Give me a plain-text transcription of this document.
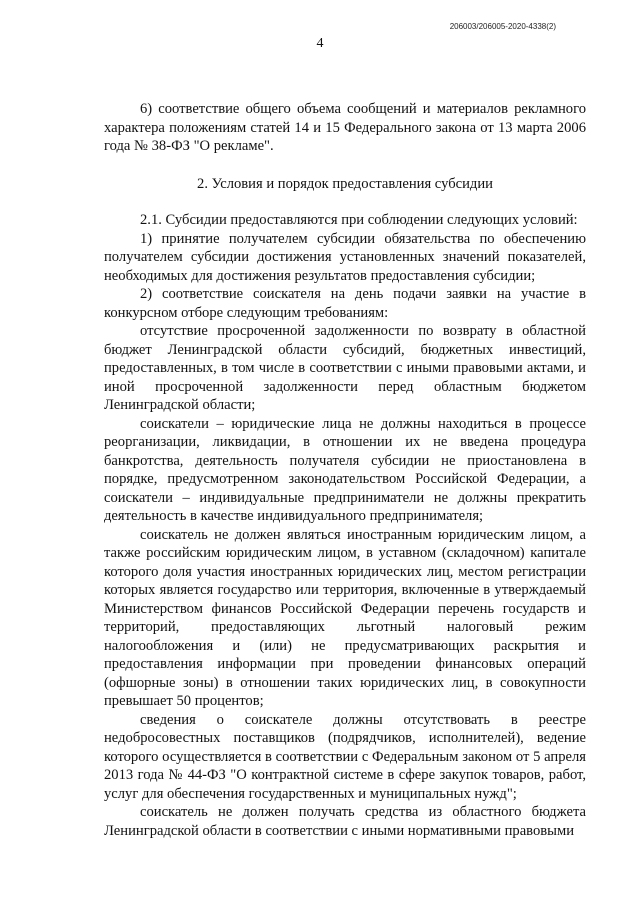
206003/206005-2020-4338(2)
4

6) соответствие общего объема сообщений и материалов рекламного характера положениям статей 14 и 15 Федерального закона от 13 марта 2006 года № 38-ФЗ "О рекламе".

2. Условия и порядок предоставления субсидии

2.1. Субсидии предоставляются при соблюдении следующих условий:

1) принятие получателем субсидии обязательства по обеспечению получателем субсидии достижения установленных значений показателей, необходимых для достижения результатов предоставления субсидии;

2) соответствие соискателя на день подачи заявки на участие в конкурсном отборе следующим требованиям:

отсутствие просроченной задолженности по возврату в областной бюджет Ленинградской области субсидий, бюджетных инвестиций, предоставленных, в том числе в соответствии с иными правовыми актами, и иной просроченной задолженности перед областным бюджетом Ленинградской области;

соискатели – юридические лица не должны находиться в процессе реорганизации, ликвидации, в отношении их не введена процедура банкротства, деятельность получателя субсидии не приостановлена в порядке, предусмотренном законодательством Российской Федерации, а соискатели – индивидуальные предприниматели не должны прекратить деятельность в качестве индивидуального предпринимателя;

соискатель не должен являться иностранным юридическим лицом, а также российским юридическим лицом, в уставном (складочном) капитале которого доля участия иностранных юридических лиц, местом регистрации которых является государство или территория, включенные в утверждаемый Министерством финансов Российской Федерации перечень государств и территорий, предоставляющих льготный налоговый режим налогообложения и (или) не предусматривающих раскрытия и предоставления информации при проведении финансовых операций (офшорные зоны) в отношении таких юридических лиц, в совокупности превышает 50 процентов;

сведения о соискателе должны отсутствовать в реестре недобросовестных поставщиков (подрядчиков, исполнителей), ведение которого осуществляется в соответствии с Федеральным законом от 5 апреля 2013 года № 44-ФЗ "О контрактной системе в сфере закупок товаров, работ, услуг для обеспечения государственных и муниципальных нужд";

соискатель не должен получать средства из областного бюджета Ленинградской области в соответствии с иными нормативными правовыми
